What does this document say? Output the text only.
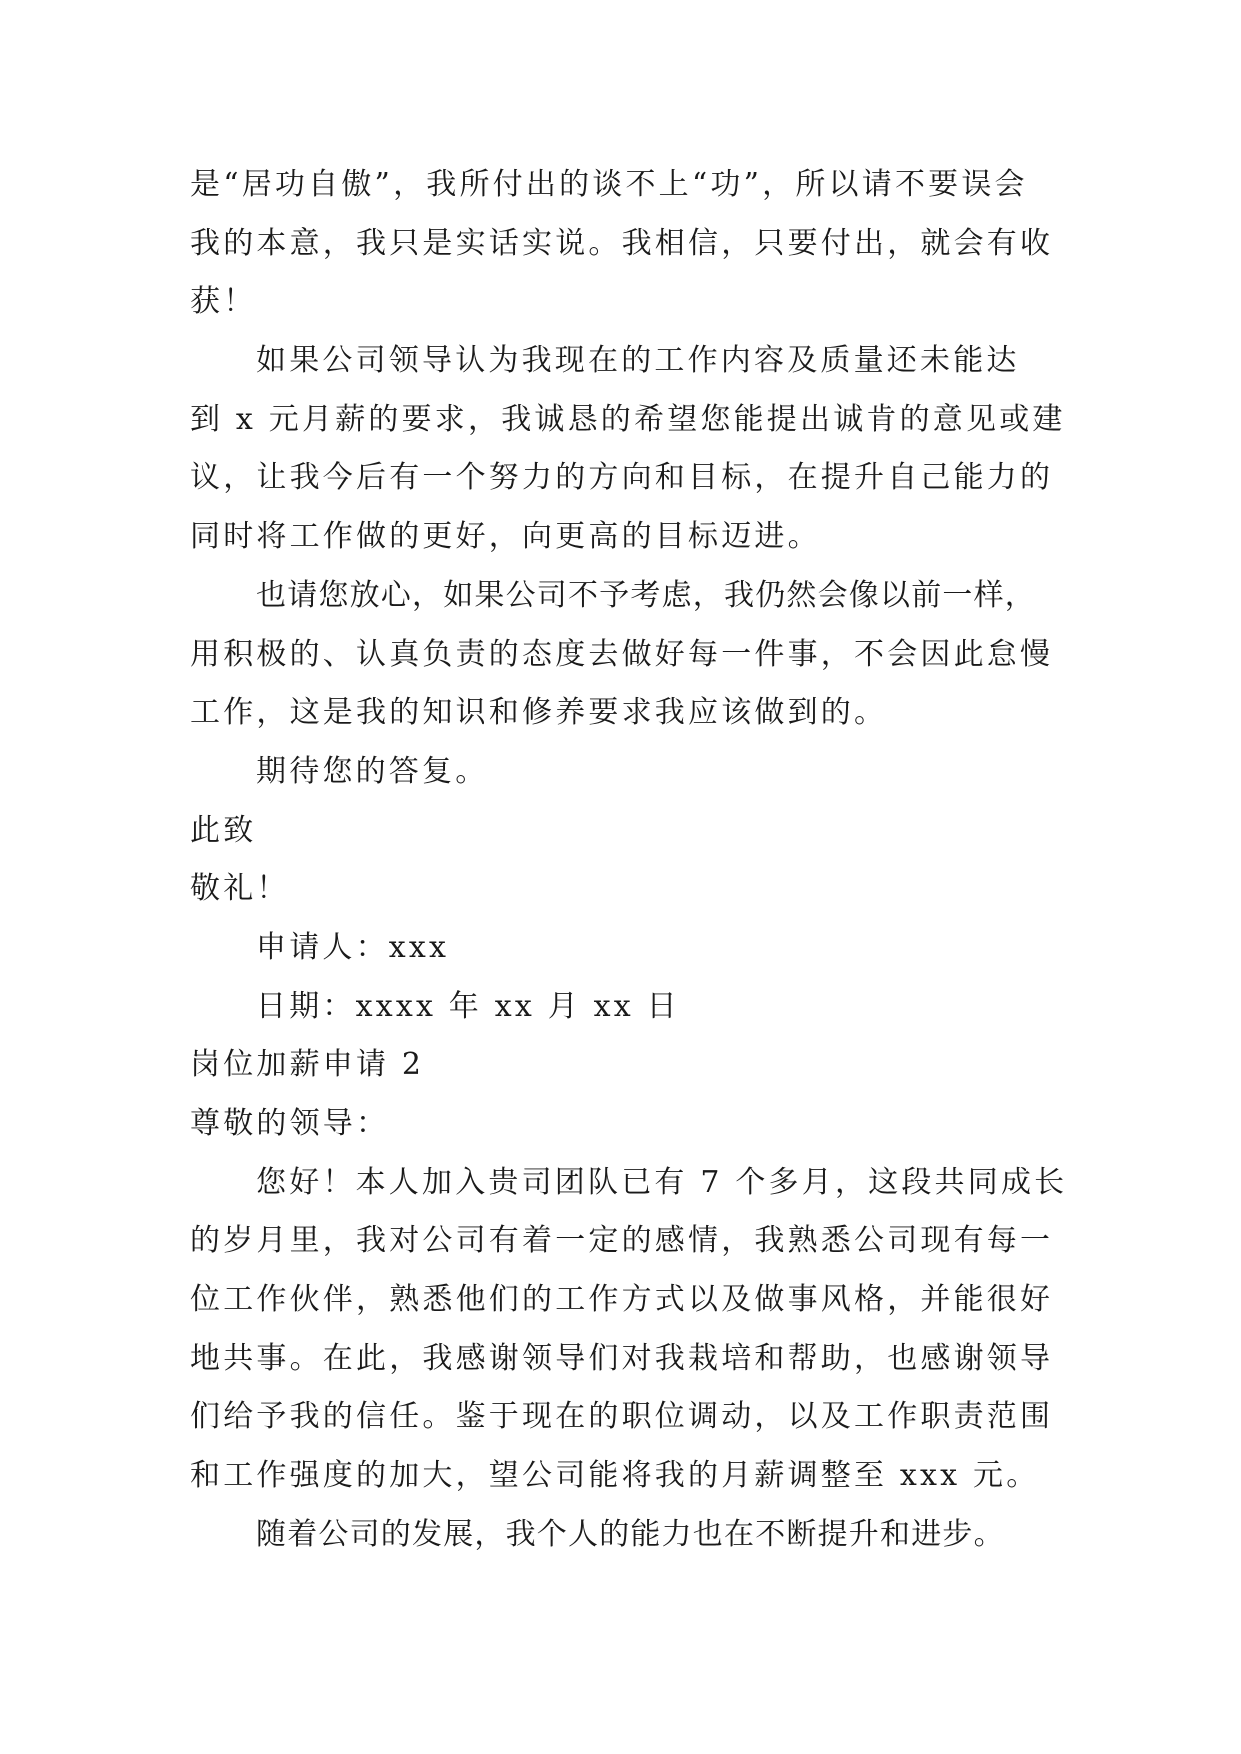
是“居功自傲”，我所付出的谈不上“功”，所以请不要误会
我的本意，我只是实话实说。我相信，只要付出，就会有收
获！
如果公司领导认为我现在的工作内容及质量还未能达
到 x 元月薪的要求，我诚恳的希望您能提出诚肯的意见或建
议，让我今后有一个努力的方向和目标，在提升自己能力的
同时将工作做的更好，向更高的目标迈进。
也请您放心，如果公司不予考虑，我仍然会像以前一样，
用积极的、认真负责的态度去做好每一件事，不会因此怠慢
工作，这是我的知识和修养要求我应该做到的。
期待您的答复。
此致
敬礼！
申请人：xxx
日期：xxxx 年 xx 月 xx 日
岗位加薪申请 2
尊敬的领导：
您好！本人加入贵司团队已有 7 个多月，这段共同成长
的岁月里，我对公司有着一定的感情，我熟悉公司现有每一
位工作伙伴，熟悉他们的工作方式以及做事风格，并能很好
地共事。在此，我感谢领导们对我栽培和帮助，也感谢领导
们给予我的信任。鉴于现在的职位调动，以及工作职责范围
和工作强度的加大，望公司能将我的月薪调整至 xxx 元。
随着公司的发展，我个人的能力也在不断提升和进步。
